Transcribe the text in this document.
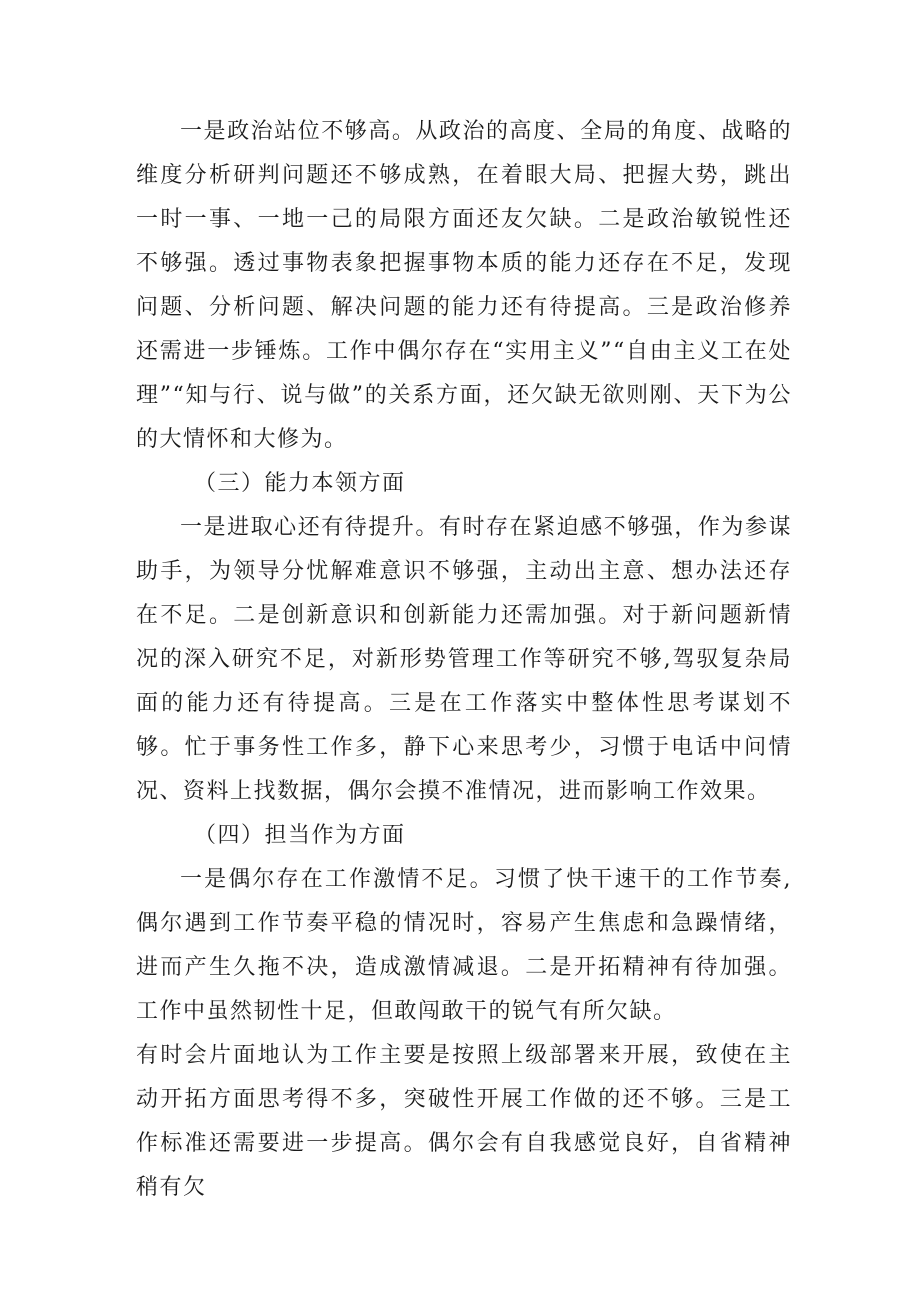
一是政治站位不够高。从政治的高度、全局的角度、战略的维度分析研判问题还不够成熟，在着眼大局、把握大势，跳出一时一事、一地一己的局限方面还友欠缺。二是政治敏锐性还不够强。透过事物表象把握事物本质的能力还存在不足，发现问题、分析问题、解决问题的能力还有待提高。三是政治修养还需进一步锤炼。工作中偶尔存在“实用主义”“自由主义工在处理”“知与行、说与做”的关系方面，还欠缺无欲则刚、天下为公的大情怀和大修为。

（三）能力本领方面

一是进取心还有待提升。有时存在紧迫感不够强，作为参谋助手，为领导分忧解难意识不够强，主动出主意、想办法还存在不足。二是创新意识和创新能力还需加强。对于新问题新情况的深入研究不足，对新形势管理工作等研究不够,驾驭复杂局面的能力还有待提高。三是在工作落实中整体性思考谋划不够。忙于事务性工作多，静下心来思考少，习惯于电话中问情况、资料上找数据，偶尔会摸不准情况，进而影响工作效果。

（四）担当作为方面

一是偶尔存在工作激情不足。习惯了快干速干的工作节奏,偶尔遇到工作节奏平稳的情况时，容易产生焦虑和急躁情绪，进而产生久拖不决，造成激情减退。二是开拓精神有待加强。工作中虽然韧性十足，但敢闯敢干的锐气有所欠缺。

有时会片面地认为工作主要是按照上级部署来开展，致使在主动开拓方面思考得不多，突破性开展工作做的还不够。三是工作标准还需要进一步提高。偶尔会有自我感觉良好，自省精神稍有欠
